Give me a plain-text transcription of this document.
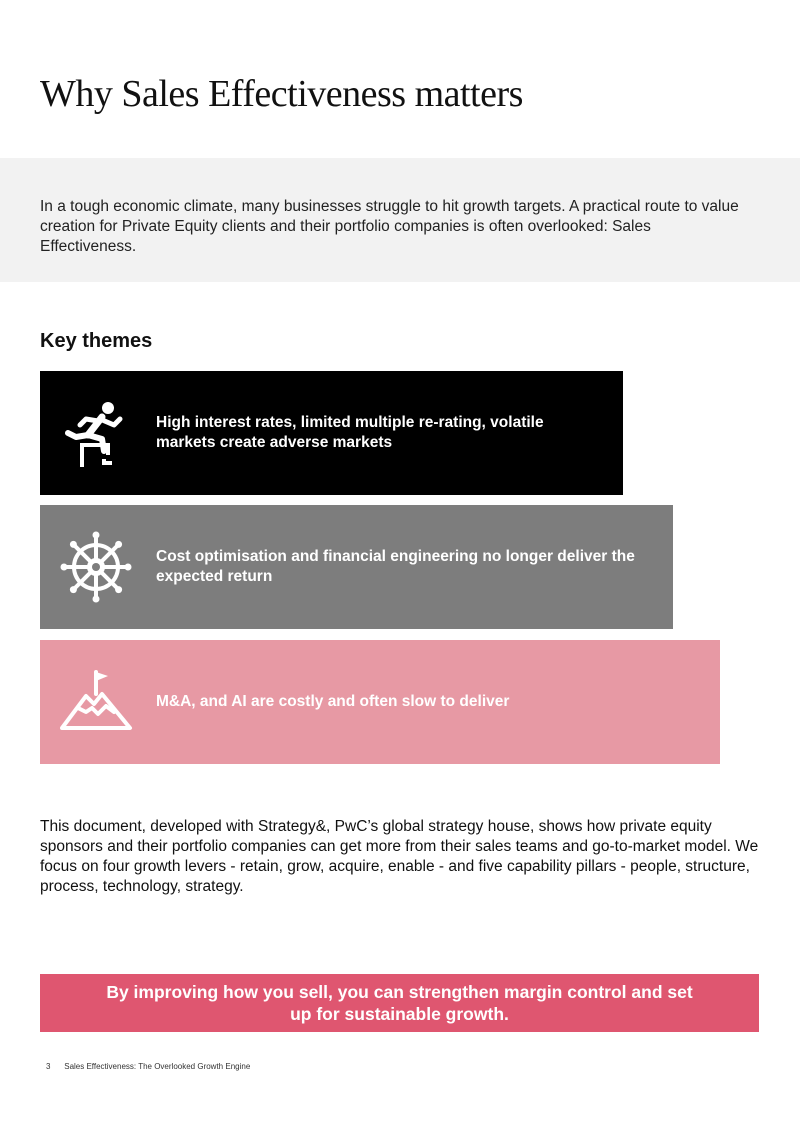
Why Sales Effectiveness matters

In a tough economic climate, many businesses struggle to hit growth targets. A practical route to value creation for Private Equity clients and their portfolio companies is often overlooked: Sales Effectiveness.

Key themes

High interest rates, limited multiple re-rating, volatile markets create adverse markets

Cost optimisation and financial engineering no longer deliver the expected return

M&A, and AI are costly and often slow to deliver

This document, developed with Strategy&, PwC’s global strategy house, shows how private equity sponsors and their portfolio companies can get more from their sales teams and go-to-market model. We focus on four growth levers - retain, grow, acquire, enable - and five capability pillars - people, structure, process, technology, strategy.

By improving how you sell, you can strengthen margin control and set up for sustainable growth.

3 Sales Effectiveness: The Overlooked Growth Engine
